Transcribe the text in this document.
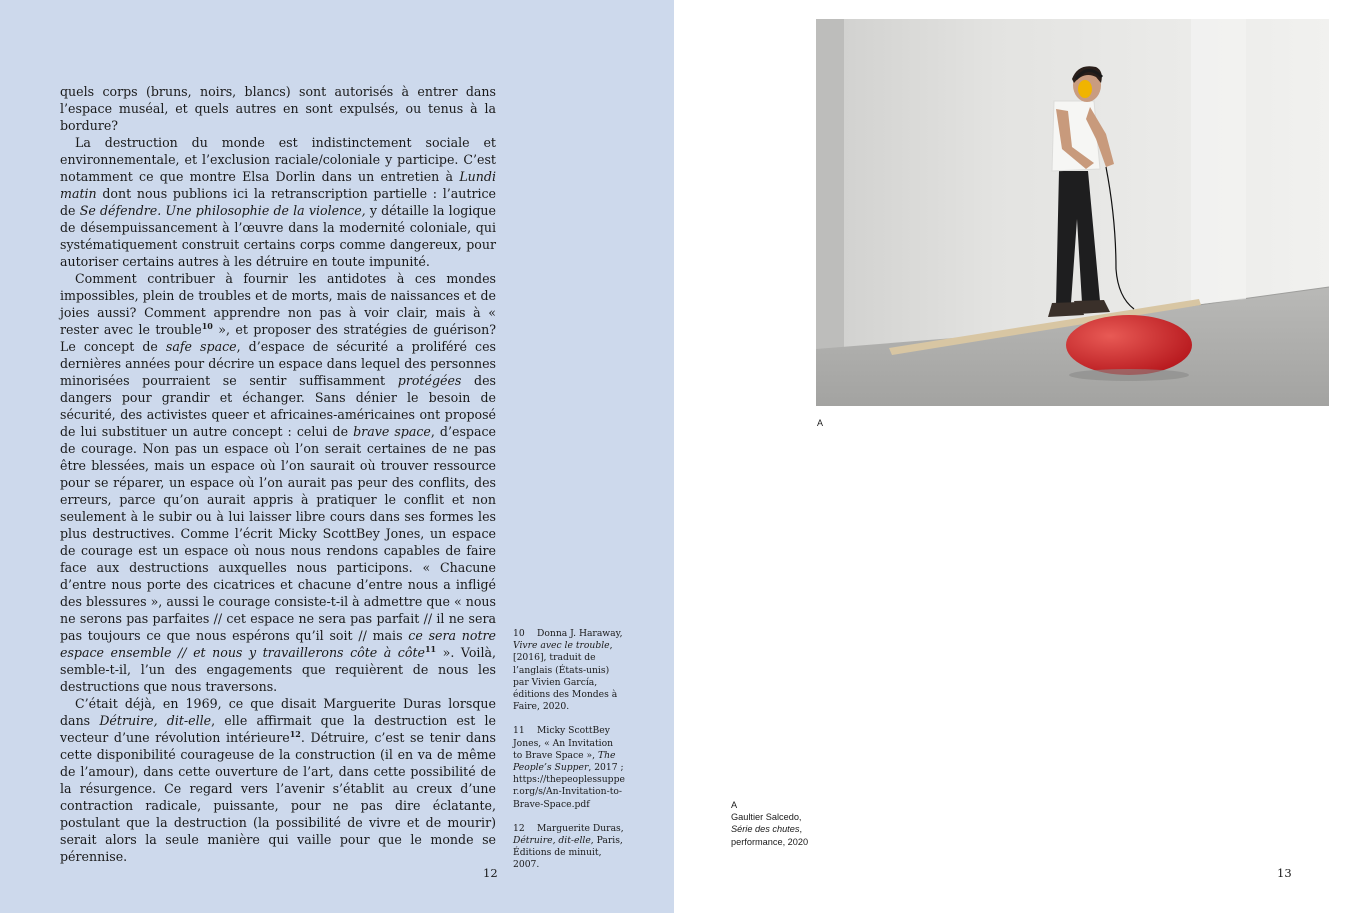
quels corps (bruns, noirs, blancs) sont autorisés à entrer dans l’espace muséal, et quels autres en sont expulsés, ou tenus à la bordure?

La destruction du monde est indistinctement sociale et environnementale, et l’exclusion raciale/coloniale y participe. C’est notamment ce que montre Elsa Dorlin dans un entretien à Lundi matin dont nous publions ici la retranscription partielle : l’autrice de Se défendre. Une philosophie de la violence, y détaille la logique de désempuissancement à l’œuvre dans la modernité coloniale, qui systématiquement construit certains corps comme dangereux, pour autoriser certains autres à les détruire en toute impunité.

Comment contribuer à fournir les antidotes à ces mondes impossibles, plein de troubles et de morts, mais de naissances et de joies aussi? Comment apprendre non pas à voir clair, mais à « rester avec le trouble$^{10}$ », et proposer des stratégies de guérison? Le concept de safe space, d’espace de sécurité a proliféré ces dernières années pour décrire un espace dans lequel des personnes minorisées pourraient se sentir suffisamment protégées des dangers pour grandir et échanger. Sans dénier le besoin de sécurité, des activistes queer et africaines-américaines ont proposé de lui substituer un autre concept : celui de brave space, d’espace de courage. Non pas un espace où l’on serait certaines de ne pas être blessées, mais un espace où l’on saurait où trouver ressource pour se réparer, un espace où l’on aurait pas peur des conflits, des erreurs, parce qu’on aurait appris à pratiquer le conflit et non seulement à le subir ou à lui laisser libre cours dans ses formes les plus destructives. Comme l’écrit Micky ScottBey Jones, un espace de courage est un espace où nous nous rendons capables de faire face aux destructions auxquelles nous participons. « Chacune d’entre nous porte des cicatrices et chacune d’entre nous a infligé des blessures », aussi le courage consiste-t-il à admettre que « nous ne serons pas parfaites // cet espace ne sera pas parfait // il ne sera pas toujours ce que nous espérons qu’il soit // mais ce sera notre espace ensemble // et nous y travaillerons côte à côte$^{11}$ ». Voilà, semble-t-il, l’un des engagements que requièrent de nous les destructions que nous traversons.

C’était déjà, en 1969, ce que disait Marguerite Duras lorsque dans Détruire, dit-elle, elle affirmait que la destruction est le vecteur d’une révolution intérieure$^{12}$. Détruire, c’est se tenir dans cette disponibilité courageuse de la construction (il en va de même de l’amour), dans cette ouverture de l’art, dans cette possibilité de la résurgence. Ce regard vers l’avenir s’établit au creux d’une contraction radicale, puissante, pour ne pas dire éclatante, postulant que la destruction (la possibilité de vivre et de mourir) serait alors la seule manière qui vaille pour que le monde se pérennise.

10 Donna J. Haraway, Vivre avec le trouble, [2016], traduit de l’anglais (États-unis) par Vivien García, éditions des Mondes à Faire, 2020.
11 Micky ScottBey Jones, « An Invitation to Brave Space », The People’s Supper, 2017 ; https://thepeoplessupper.org/s/An-Invitation-to-Brave-Space.pdf
12 Marguerite Duras, Détruire, dit-elle, Paris, Éditions de minuit, 2007.
12	13
A
A
Gaultier Salcedo,
Série des chutes,
performance, 2020
